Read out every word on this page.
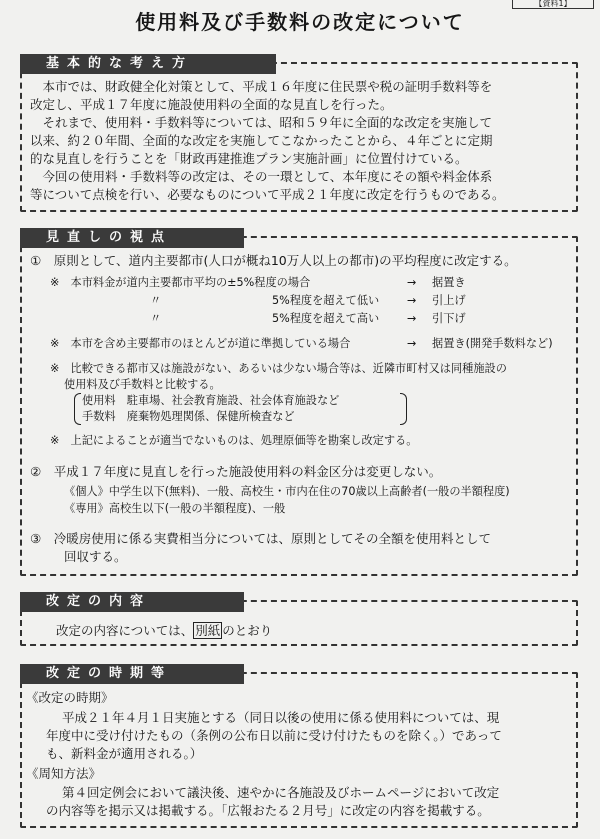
【資料1】
使用料及び手数料の改定について
基本的な考え方
　本市では、財政健全化対策として、平成１６年度に住民票や税の証明手数料等を
改定し、平成１７年度に施設使用料の全面的な見直しを行った。
　それまで、使用料・手数料等については、昭和５９年に全面的な改定を実施して
以来、約２０年間、全面的な改定を実施してこなかったことから、４年ごとに定期
的な見直しを行うことを「財政再建推進プラン実施計画」に位置付けている。
　今回の使用料・手数料等の改定は、その一環として、本年度にその額や料金体系
等について点検を行い、必要なものについて平成２１年度に改定を行うものである。
見直しの視点
①　原則として、道内主要都市(人口が概ね10万人以上の都市)の平均程度に改定する。
※　本市料金が道内主要都市平均の±5%程度の場合	→ 据置き
〃	5%程度を超えて低い → 引上げ
〃	5%程度を超えて高い → 引下げ
※　本市を含め主要都市のほとんどが道に準拠している場合	→ 据置き(開発手数料など)
※　比較できる都市又は施設がない、あるいは少ない場合等は、近隣市町村又は同種施設の
使用料及び手数料と比較する。
使用料　駐車場、社会教育施設、社会体育施設など
手数料　廃棄物処理関係、保健所検査など
※　上記によることが適当でないものは、処理原価等を勘案し改定する。
②　平成１７年度に見直しを行った施設使用料の料金区分は変更しない。
《個人》中学生以下(無料)、一般、高校生・市内在住の70歳以上高齢者(一般の半額程度)
《専用》高校生以下(一般の半額程度)、一般
③　冷暖房使用に係る実費相当分については、原則としてその全額を使用料として
回収する。
改定の内容
改定の内容については、 別紙 のとおり
改定の時期等
《改定の時期》
平成２１年４月１日実施とする（同日以後の使用に係る使用料については、現
年度中に受け付けたもの（条例の公布日以前に受け付けたものを除く。）であって
も、新料金が適用される。）
《周知方法》
第４回定例会において議決後、速やかに各施設及びホームページにおいて改定
の内容等を掲示又は掲載する。「広報おたる２月号」に改定の内容を掲載する。
